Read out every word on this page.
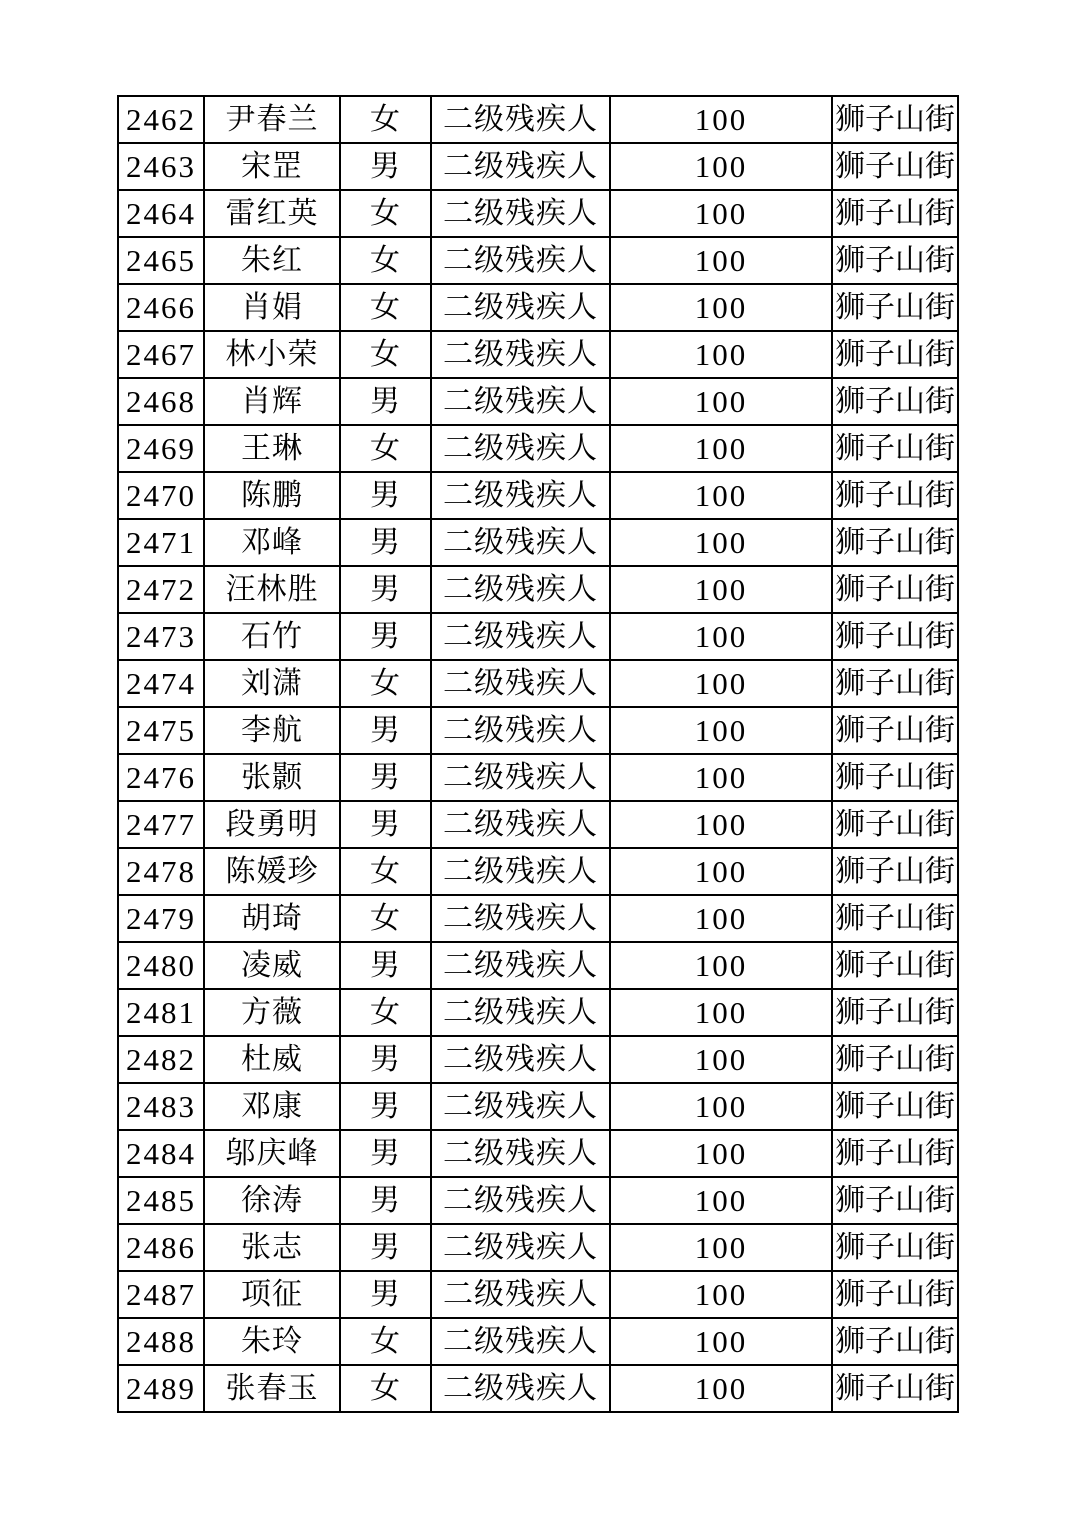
2462	尹春兰	女	二级残疾人	100	狮子山街
2463	宋罡	男	二级残疾人	100	狮子山街
2464	雷红英	女	二级残疾人	100	狮子山街
2465	朱红	女	二级残疾人	100	狮子山街
2466	肖娟	女	二级残疾人	100	狮子山街
2467	林小荣	女	二级残疾人	100	狮子山街
2468	肖辉	男	二级残疾人	100	狮子山街
2469	王琳	女	二级残疾人	100	狮子山街
2470	陈鹏	男	二级残疾人	100	狮子山街
2471	邓峰	男	二级残疾人	100	狮子山街
2472	汪林胜	男	二级残疾人	100	狮子山街
2473	石竹	男	二级残疾人	100	狮子山街
2474	刘潇	女	二级残疾人	100	狮子山街
2475	李航	男	二级残疾人	100	狮子山街
2476	张颢	男	二级残疾人	100	狮子山街
2477	段勇明	男	二级残疾人	100	狮子山街
2478	陈媛珍	女	二级残疾人	100	狮子山街
2479	胡琦	女	二级残疾人	100	狮子山街
2480	凌威	男	二级残疾人	100	狮子山街
2481	方薇	女	二级残疾人	100	狮子山街
2482	杜威	男	二级残疾人	100	狮子山街
2483	邓康	男	二级残疾人	100	狮子山街
2484	邬庆峰	男	二级残疾人	100	狮子山街
2485	徐涛	男	二级残疾人	100	狮子山街
2486	张志	男	二级残疾人	100	狮子山街
2487	项征	男	二级残疾人	100	狮子山街
2488	朱玲	女	二级残疾人	100	狮子山街
2489	张春玉	女	二级残疾人	100	狮子山街
